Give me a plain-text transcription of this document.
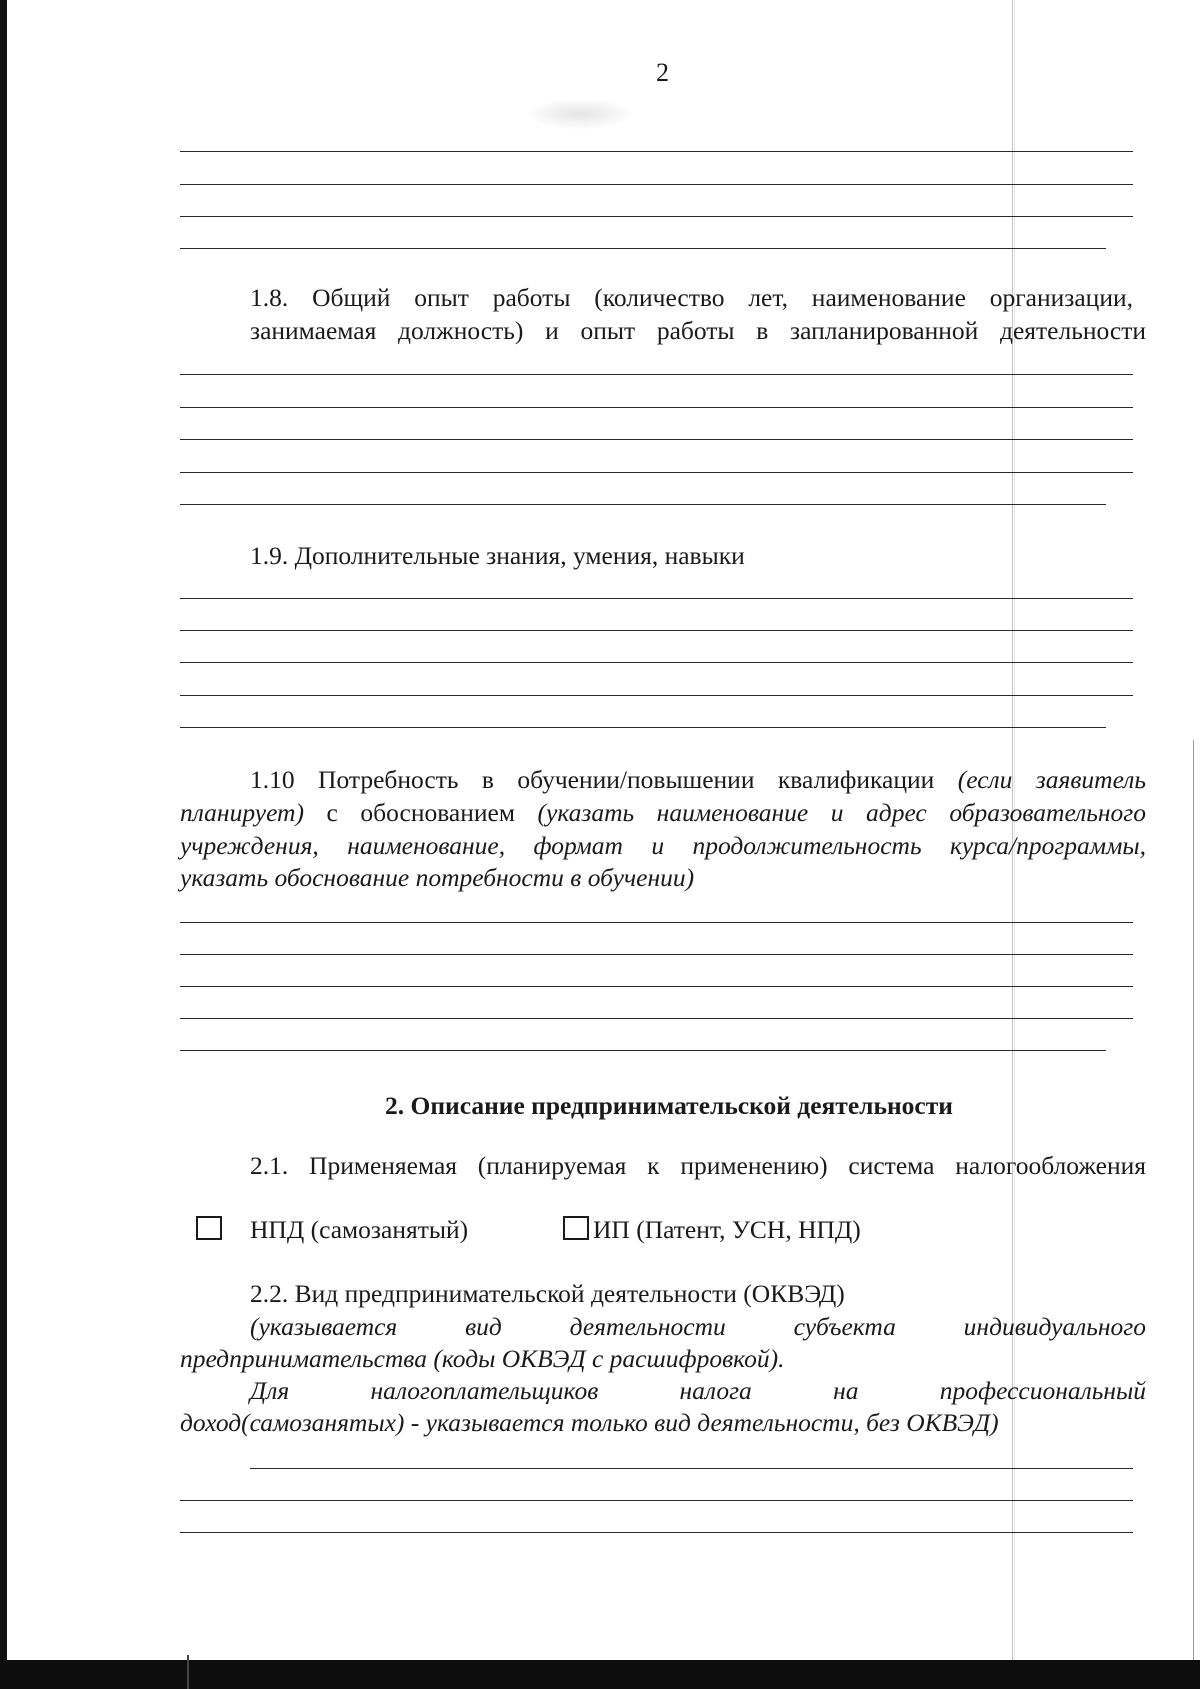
2
1.8. Общий опыт работы (количество лет, наименование организации,
занимаемая должность) и опыт работы в запланированной деятельности
1.9. Дополнительные знания, умения, навыки
1.10 Потребность в обучении/повышении квалификации (если заявитель
планирует) с обоснованием (указать наименование и адрес образовательного
учреждения, наименование, формат и продолжительность курса/программы,
указать обоснование потребности в обучении)
2. Описание предпринимательской деятельности
2.1. Применяемая (планируемая к применению) система налогообложения
НПД (самозанятый)	ИП (Патент, УСН, НПД)
2.2. Вид предпринимательской деятельности (ОКВЭД)
(указывается вид деятельности субъекта индивидуального
предпринимательства (коды ОКВЭД с расшифровкой).
Для налогоплательщиков налога на профессиональный
доход(самозанятых) - указывается только вид деятельности, без ОКВЭД)
